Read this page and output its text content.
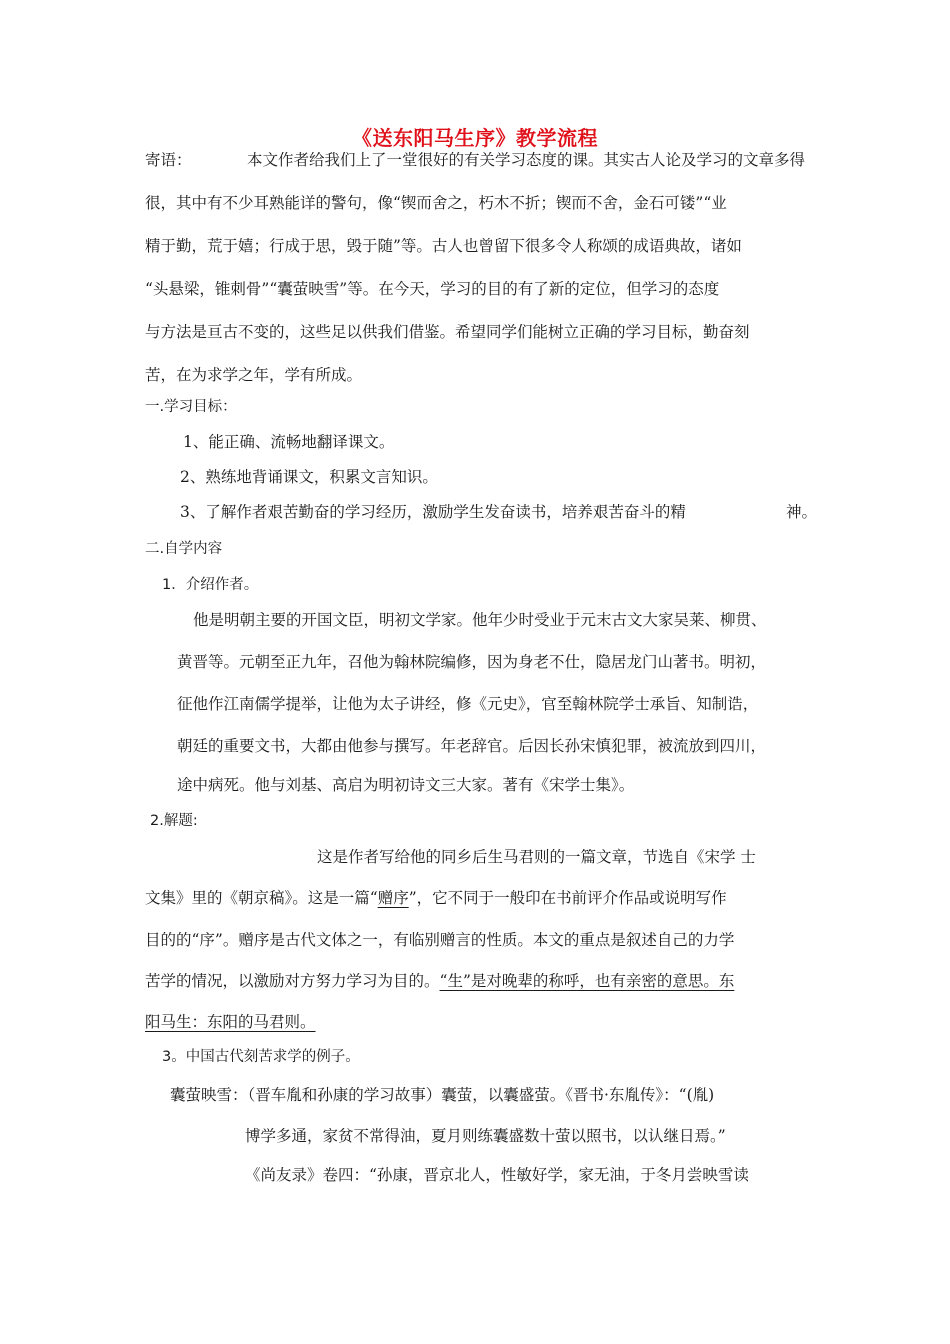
《送东阳马生序》教学流程
寄语：	本文作者给我们上了一堂很好的有关学习态度的课。其实古人论及学习的文章多得
很，其中有不少耳熟能详的警句，像“锲而舍之，朽木不折；锲而不舍，金石可镂”“业
精于勤，荒于嬉；行成于思，毁于随”等。古人也曾留下很多令人称颂的成语典故，诸如
“头悬梁，锥刺骨”“囊萤映雪”等。在今天，学习的目的有了新的定位，但学习的态度
与方法是亘古不变的，这些足以供我们借鉴。希望同学们能树立正确的学习目标，勤奋刻
苦，在为求学之年，学有所成。
一.学习目标：
1、能正确、流畅地翻译课文。
2、熟练地背诵课文，积累文言知识。
3、了解作者艰苦勤奋的学习经历，激励学生发奋读书，培养艰苦奋斗的精	神。
二.自学内容
1．介绍作者。
他是明朝主要的开国文臣，明初文学家。他年少时受业于元末古文大家吴莱、柳贯、
黄晋等。元朝至正九年，召他为翰林院编修，因为身老不仕，隐居龙门山著书。明初，
征他作江南儒学提举，让他为太子讲经，修《元史》，官至翰林院学士承旨、知制诰，
朝廷的重要文书，大都由他参与撰写。年老辞官。后因长孙宋慎犯罪，被流放到四川，
途中病死。他与刘基、高启为明初诗文三大家。著有《宋学士集》。
2.解题:
这是作者写给他的同乡后生马君则的一篇文章，节选自《宋学 士
文集》里的《朝京稿》。这是一篇“赠序”，它不同于一般印在书前评介作品或说明写作
目的的“序”。赠序是古代文体之一，有临别赠言的性质。本文的重点是叙述自己的力学
苦学的情况，以激励对方努力学习为目的。“生”是对晚辈的称呼，也有亲密的意思。东
阳马生：东阳的马君则。
3。中国古代刻苦求学的例子。
囊萤映雪：（晋车胤和孙康的学习故事）囊萤，以囊盛萤。《晋书·东胤传》：“(胤)
博学多通，家贫不常得油，夏月则练囊盛数十萤以照书，以认继日焉。”
《尚友录》卷四：“孙康，晋京北人，性敏好学，家无油，于冬月尝映雪读
